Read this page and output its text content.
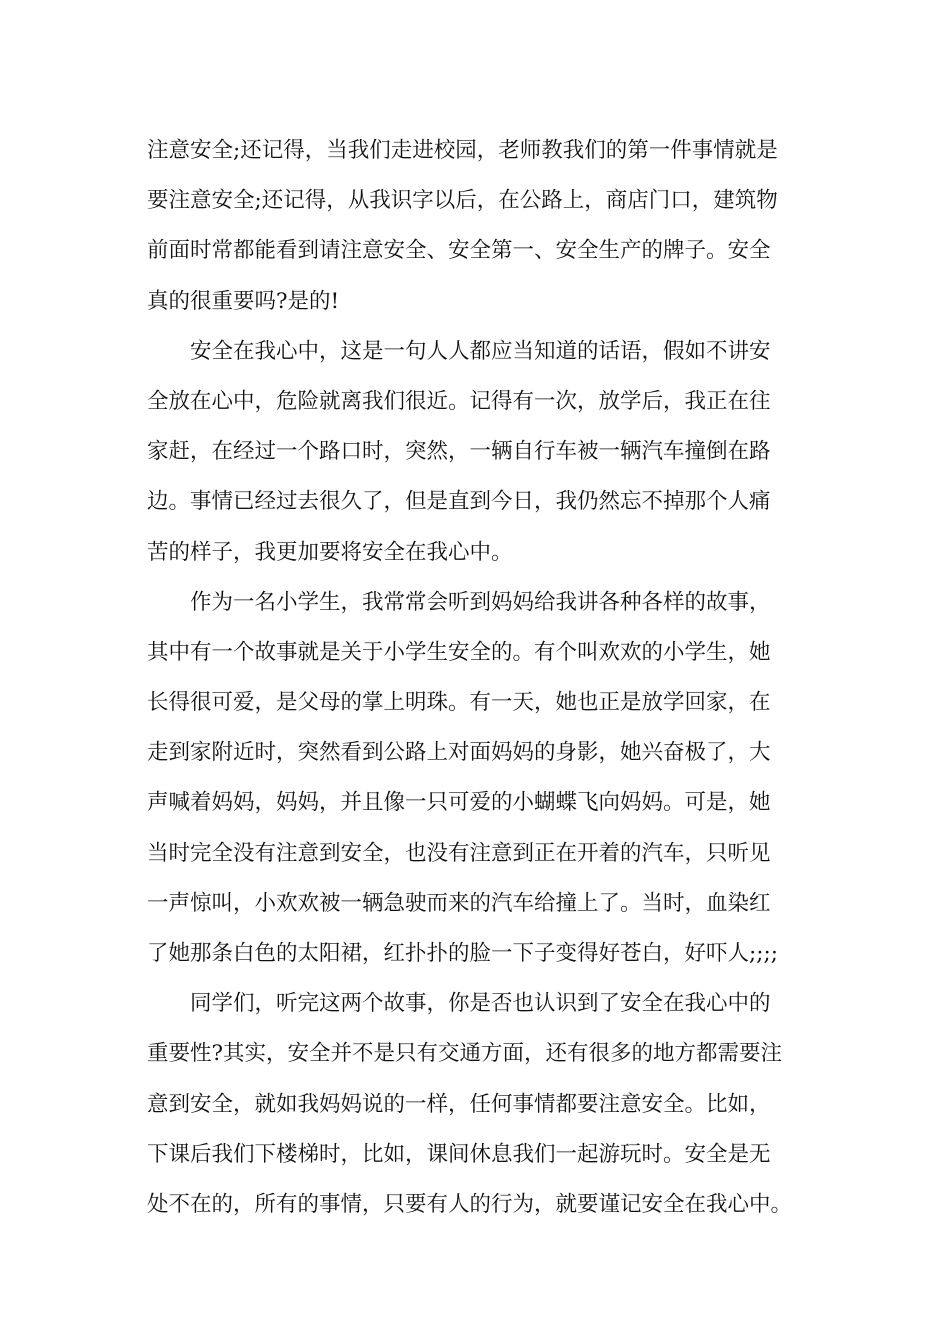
注意安全;还记得，当我们走进校园，老师教我们的第一件事情就是
要注意安全;还记得，从我识字以后，在公路上，商店门口，建筑物
前面时常都能看到请注意安全、安全第一、安全生产的牌子。安全
真的很重要吗?是的!
安全在我心中，这是一句人人都应当知道的话语，假如不讲安
全放在心中，危险就离我们很近。记得有一次，放学后，我正在往
家赶，在经过一个路口时，突然，一辆自行车被一辆汽车撞倒在路
边。事情已经过去很久了，但是直到今日，我仍然忘不掉那个人痛
苦的样子，我更加要将安全在我心中。
作为一名小学生，我常常会听到妈妈给我讲各种各样的故事，
其中有一个故事就是关于小学生安全的。有个叫欢欢的小学生，她
长得很可爱，是父母的掌上明珠。有一天，她也正是放学回家，在
走到家附近时，突然看到公路上对面妈妈的身影，她兴奋极了，大
声喊着妈妈，妈妈，并且像一只可爱的小蝴蝶飞向妈妈。可是，她
当时完全没有注意到安全，也没有注意到正在开着的汽车，只听见
一声惊叫，小欢欢被一辆急驶而来的汽车给撞上了。当时，血染红
了她那条白色的太阳裙，红扑扑的脸一下子变得好苍白，好吓人;;;;
同学们，听完这两个故事，你是否也认识到了安全在我心中的
重要性?其实，安全并不是只有交通方面，还有很多的地方都需要注
意到安全，就如我妈妈说的一样，任何事情都要注意安全。比如，
下课后我们下楼梯时，比如，课间休息我们一起游玩时。安全是无
处不在的，所有的事情，只要有人的行为，就要谨记安全在我心中。
